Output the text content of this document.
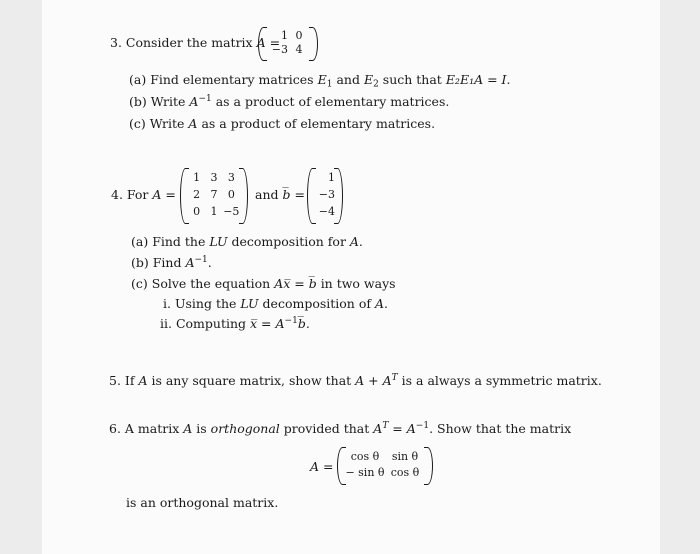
3. Consider the matrix A = 1 0
−3 4
(a) Find elementary matrices $E_1$ and $E_2$ such that E₂E₁A = I.
(b) Write $A^{-1}$ as a product of elementary matrices.
(c) Write A as a product of elementary matrices.
4. For A =
1 3 3
2 7 0
0 1 −5
and b̅ =
1
−3
−4
(a) Find the LU decomposition for A.
(b) Find $A^{-1}$.
(c) Solve the equation Ax̅ = b̅ in two ways
i. Using the LU decomposition of A.
ii. Computing x̅ = $A^{-1}b̅$.
5. If A is any square matrix, show that $A + A^T$ is a always a symmetric matrix.
6. A matrix A is orthogonal provided that $A^T = A^{-1}$. Show that the matrix
A =
cos θ sin θ
− sin θ cos θ
is an orthogonal matrix.
